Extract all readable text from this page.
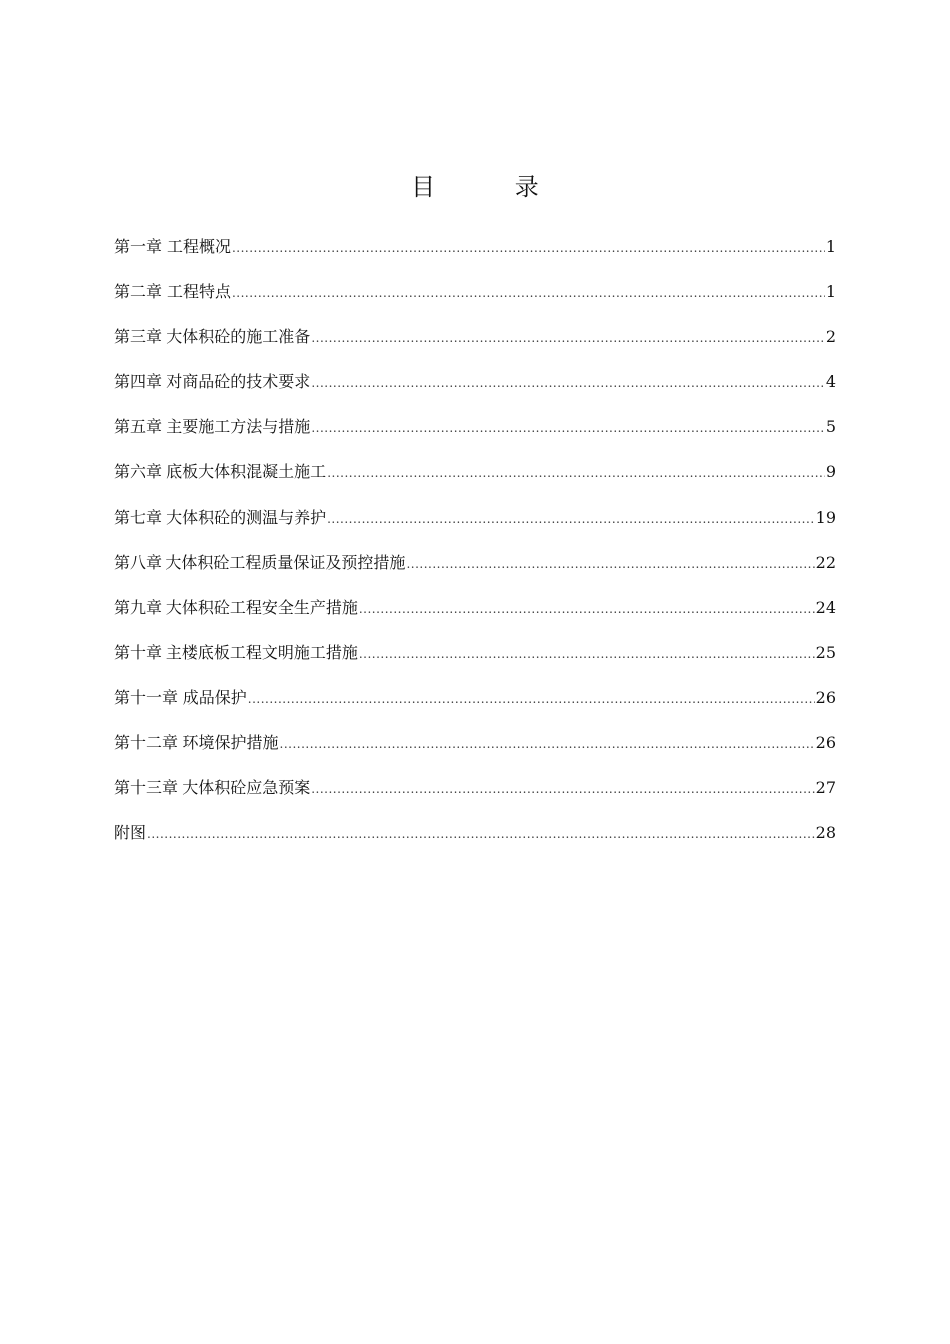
目 录
第一章 工程概况 .....	1
第二章 工程特点 .....	1
第三章 大体积砼的施工准备 .....	2
第四章 对商品砼的技术要求 .....	4
第五章 主要施工方法与措施 .....	5
第六章 底板大体积混凝土施工 .....	9
第七章 大体积砼的测温与养护 .....	19
第八章 大体积砼工程质量保证及预控措施 .....	22
第九章 大体积砼工程安全生产措施 .....	24
第十章 主楼底板工程文明施工措施 .....	25
第十一章 成品保护 .....	26
第十二章 环境保护措施 .....	26
第十三章 大体积砼应急预案 .....	27
附图 .....	28
